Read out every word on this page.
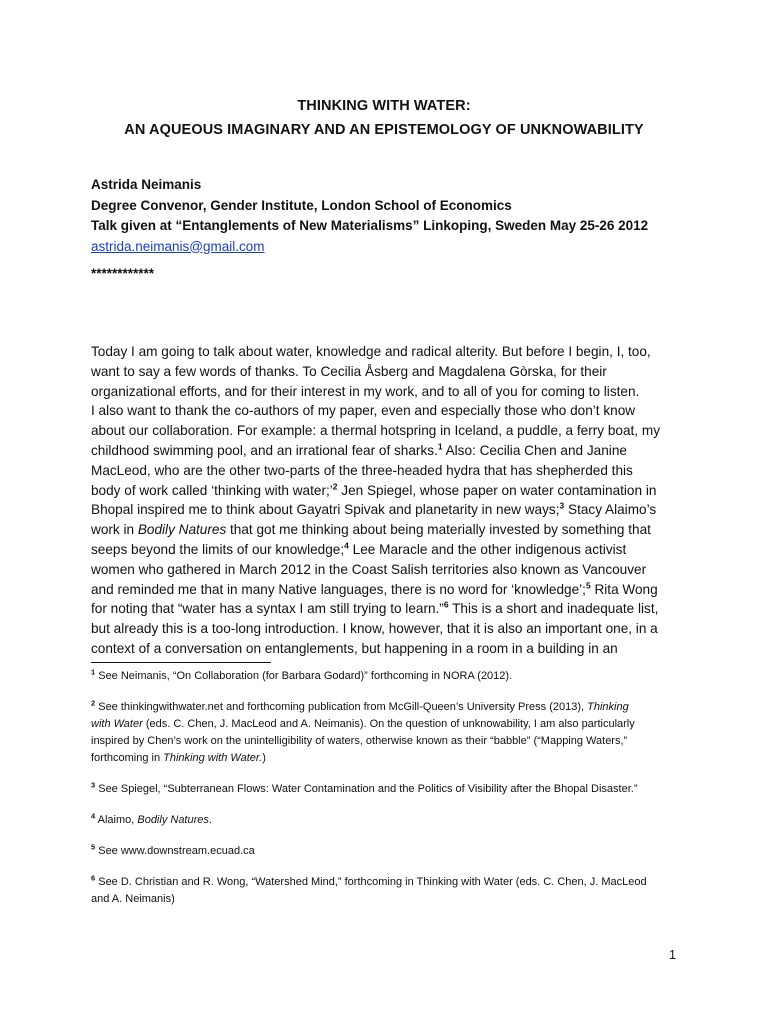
THINKING WITH WATER:
AN AQUEOUS IMAGINARY AND AN EPISTEMOLOGY OF UNKNOWABILITY
Astrida Neimanis
Degree Convenor, Gender Institute, London School of Economics
Talk given at “Entanglements of New Materialisms” Linkoping, Sweden May 25-26 2012
astrida.neimanis@gmail.com
************
Today I am going to talk about water, knowledge and radical alterity. But before I begin, I, too,
want to say a few words of thanks. To Cecilia Åsberg and Magdalena Gòrska, for their
organizational efforts, and for their interest in my work, and to all of you for coming to listen.
I also want to thank the co-authors of my paper, even and especially those who don’t know
about our collaboration. For example: a thermal hotspring in Iceland, a puddle, a ferry boat, my
childhood swimming pool, and an irrational fear of sharks.$^1$ Also: Cecilia Chen and Janine
MacLeod, who are the other two-parts of the three-headed hydra that has shepherded this
body of work called ‘thinking with water;’$^2$ Jen Spiegel, whose paper on water contamination in
Bhopal inspired me to think about Gayatri Spivak and planetarity in new ways;$^3$ Stacy Alaimo’s
work in Bodily Natures that got me thinking about being materially invested by something that
seeps beyond the limits of our knowledge;$^4$ Lee Maracle and the other indigenous activist
women who gathered in March 2012 in the Coast Salish territories also known as Vancouver
and reminded me that in many Native languages, there is no word for ‘knowledge’;$^5$ Rita Wong
for noting that “water has a syntax I am still trying to learn.”$^6$ This is a short and inadequate list,
but already this is a too-long introduction. I know, however, that it is also an important one, in a
context of a conversation on entanglements, but happening in a room in a building in an
$^1$ See Neimanis, “On Collaboration (for Barbara Godard)” forthcoming in NORA (2012).
$^2$ See thinkingwithwater.net and forthcoming publication from McGill-Queen’s University Press (2013), Thinking
with Water (eds. C. Chen, J. MacLeod and A. Neimanis). On the question of unknowability, I am also particularly
inspired by Chen’s work on the unintelligibility of waters, otherwise known as their “babble” (“Mapping Waters,”
forthcoming in Thinking with Water.)
$^3$ See Spiegel, “Subterranean Flows: Water Contamination and the Politics of Visibility after the Bhopal Disaster.”
$^4$ Alaimo, Bodily Natures.
$^5$ See www.downstream.ecuad.ca
$^6$ See D. Christian and R. Wong, “Watershed Mind,” forthcoming in Thinking with Water (eds. C. Chen, J. MacLeod
and A. Neimanis)
1
